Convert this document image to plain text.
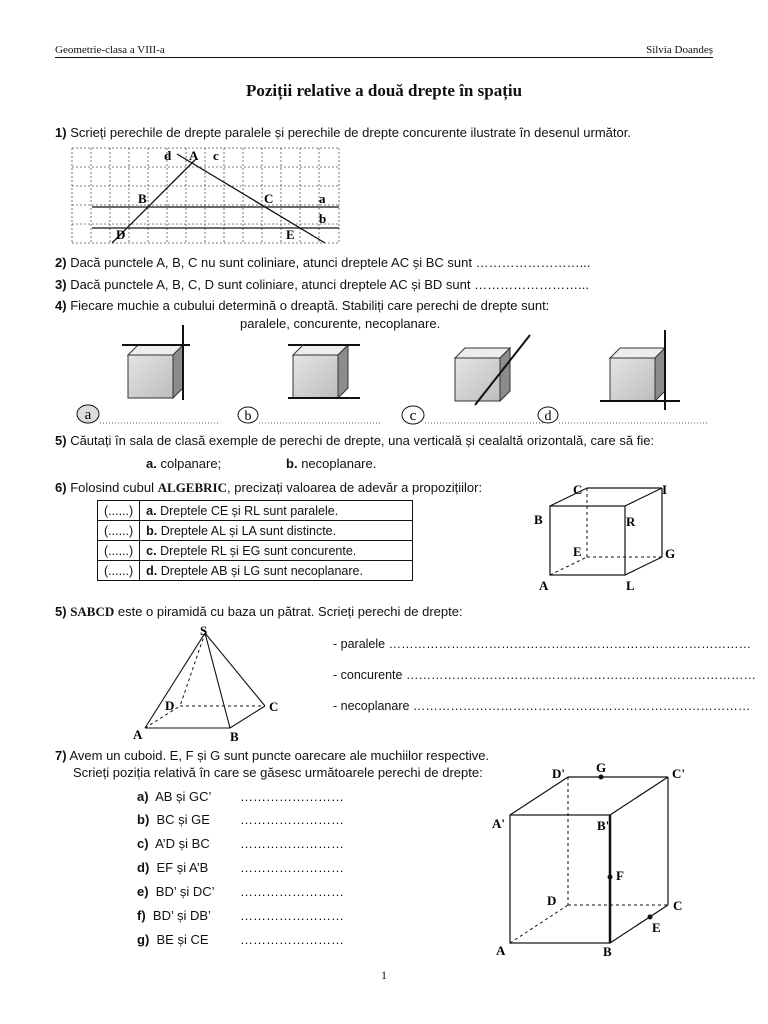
Geometrie-clasa a VIII-a	Silvia Doandeș
Poziții relative a două drepte în spațiu
1) Scrieți perechile de drepte paralele și perechile de drepte concurente ilustrate în desenul următor.
d A c
B	C	a
b
D	E
2) Dacă punctele A, B, C nu sunt coliniare, atunci dreptele AC și BC sunt ……………………...
3) Dacă punctele A, B, C, D sunt coliniare, atunci dreptele AC și BD sunt ……………………...
4) Fiecare muchie a cubului determină o dreaptă. Stabiliți care perechi de drepte sunt:
paralele, concurente, necoplanare.
a	b	c	d
5) Căutați în sala de clasă exemple de perechi de drepte, una verticală și cealaltă orizontală, care să fie:
a. colpanare;	b. necoplanare.
6) Folosind cubul ALGEBRIC, precizați valoarea de adevăr a propozițiilor:
(......)	a. Dreptele CE și RL sunt paralele.
(......)	b. Dreptele AL și LA sunt distincte.
(......)	c. Dreptele RL și EG sunt concurente.
(......)	d. Dreptele AB și LG sunt necoplanare.
C	I
B	R
E	G
A	L
5) SABCD este o piramidă cu baza un pătrat. Scrieți perechi de drepte:
S
D	C
A	B
- paralele ……………………………………………………………………………
- concurente …………………………………………………………………………
- necoplanare ………………………………………………………………………
7) Avem un cuboid. E, F și G sunt puncte oarecare ale muchiilor respective.
Scrieți poziția relativă în care se găsesc următoarele perechi de drepte:
a) AB și GC’ ……………………
b) BC și GE ……………………
c) A’D și BC ……………………
d) EF și A’B ……………………
e) BD’ și DC’ ……………………
f) BD’ și DB’ ……………………
g) BE și CE ……………………
D' G	C'
A'	B'
F
D	C
E
A	B
1
